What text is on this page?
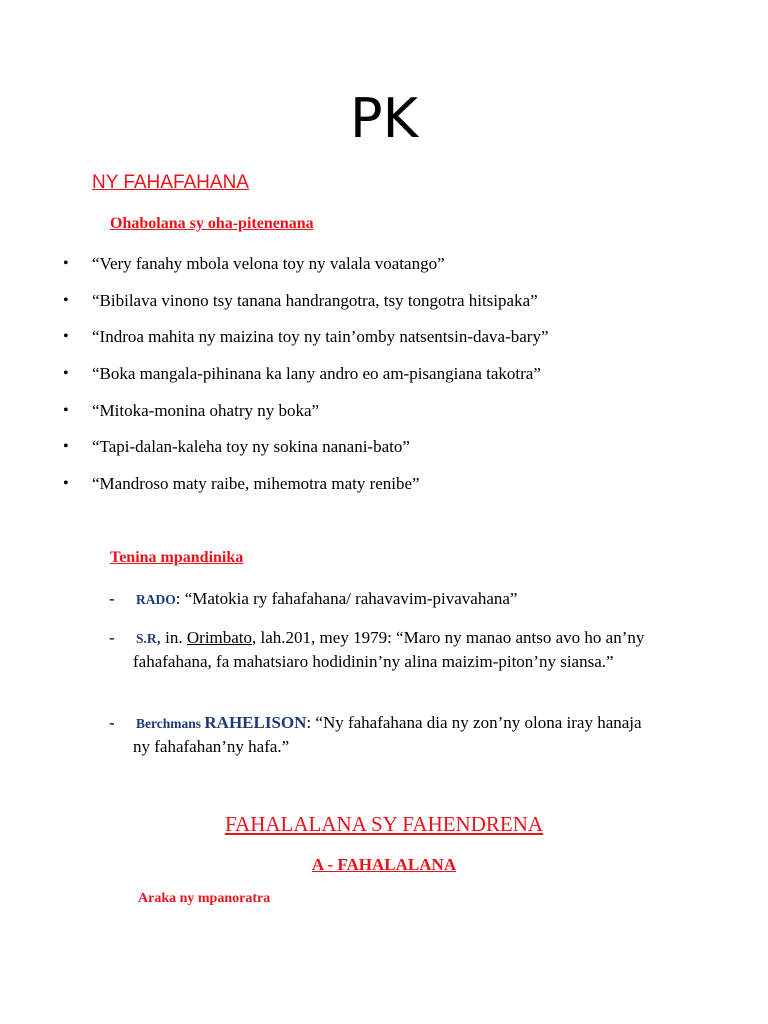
PK
NY FAHAFAHANA
Ohabolana sy oha-pitenenana
• “Very fanahy mbola velona toy ny valala voatango”
• “Bibilava vinono tsy tanana handrangotra, tsy tongotra hitsipaka”
• “Indroa mahita ny maizina toy ny tain’omby natsentsin-dava-bary”
• “Boka mangala-pihinana ka lany andro eo am-pisangiana takotra”
• “Mitoka-monina ohatry ny boka”
• “Tapi-dalan-kaleha toy ny sokina nanani-bato”
• “Mandroso maty raibe, mihemotra maty renibe”
Tenina mpandinika
- RADO: “Matokia ry fahafahana/ rahavavim-pivavahana”
- S.R, in. Orimbato, lah.201, mey 1979: “Maro ny manao antso avo ho an’ny fahafahana, fa mahatsiaro hodidinin’ny alina maizim-piton’ny siansa.”
- Berchmans RAHELISON: “Ny fahafahana dia ny zon’ny olona iray hanaja ny fahafahan’ny hafa.”
FAHALALANA SY FAHENDRENA
A - FAHALALANA
Araka ny mpanoratra
